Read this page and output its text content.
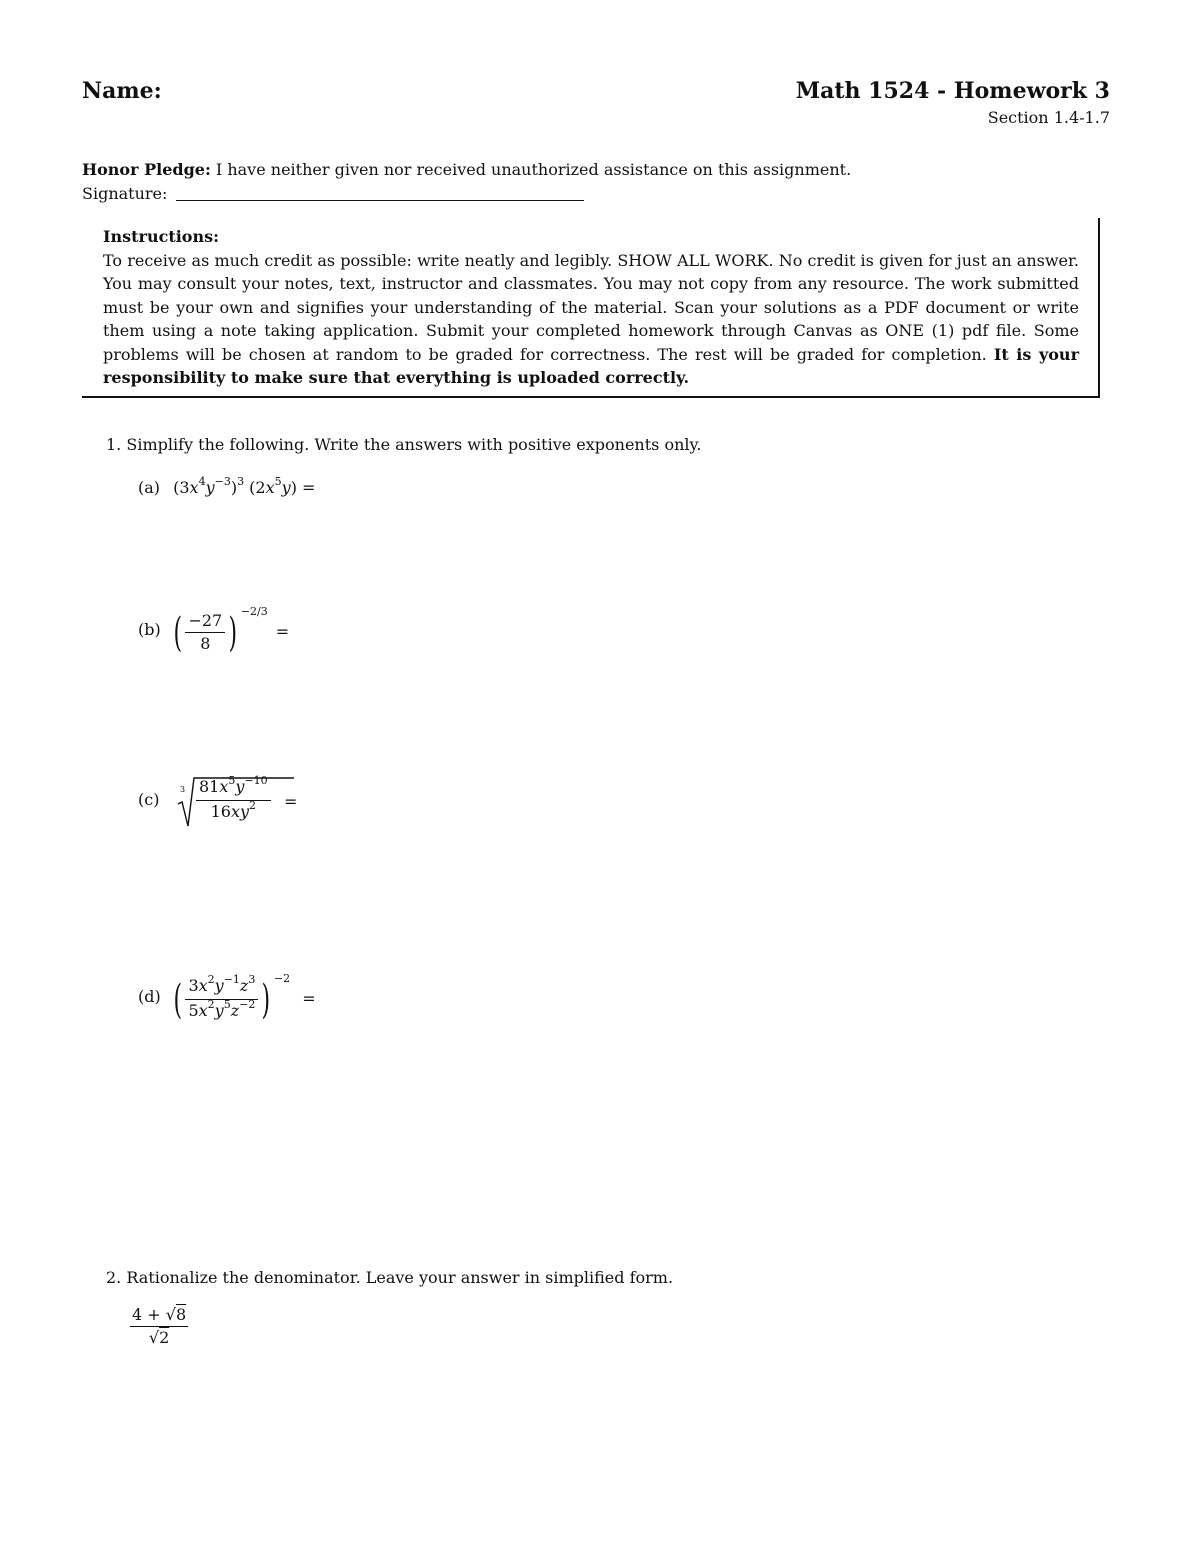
Name:	Math 1524 - Homework 3
Section 1.4-1.7
Honor Pledge: I have neither given nor received unauthorized assistance on this assignment.
Signature:
Instructions:
To receive as much credit as possible: write neatly and legibly. SHOW ALL WORK. No credit is given for just an answer. You may consult your notes, text, instructor and classmates. You may not copy from any resource. The work submitted must be your own and signifies your understanding of the material. Scan your solutions as a PDF document or write them using a note taking application. Submit your completed homework through Canvas as ONE (1) pdf file. Some problems will be chosen at random to be graded for correctness. The rest will be graded for completion. It is your responsibility to make sure that everything is uploaded correctly.
1. Simplify the following. Write the answers with positive exponents only.
(a) $(3x^4y^{-3})^3$ $(2x^5y)$ =
(b) ( $\frac{-27}{8}$ ) $^{-2/3}$=
(c)
$3 \frac{81x^5y^{-10}}{16xy^2}$ =
(d) ( $\frac{3x^2y^{-1}z^3}{5x^2y^5z^{-2}}$ ) $^{-2}$=
2. Rationalize the denominator. Leave your answer in simplified form.
$\frac{4 + √8}{√2}$
